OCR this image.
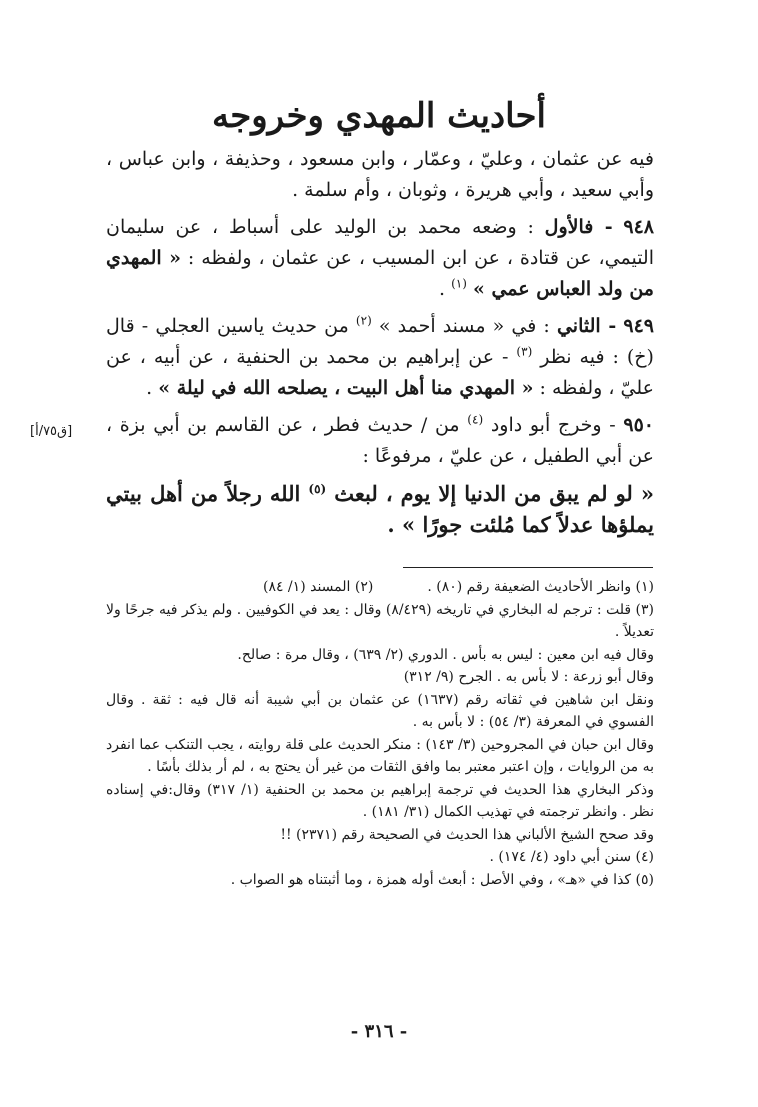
أحاديث المهدي وخروجه

فيه عن عثمان ، وعليّ ، وعمّار ، وابن مسعود ، وحذيفة ، وابن عباس ، وأبي سعيد ، وأبي هريرة ، وثوبان ، وأم سلمة .

٩٤٨ - فالأول : وضعه محمد بن الوليد على أسباط ، عن سليمان التيمي، عن قتادة ، عن ابن المسيب ، عن عثمان ، ولفظه : « المهدي من ولد العباس عمي » $^{(١)}$ .

٩٤٩ - الثاني : في « مسند أحمد » $^{(٢)}$ من حديث ياسين العجلي - قال (خ) : فيه نظر $^{(٣)}$ - عن إبراهيم بن محمد بن الحنفية ، عن أبيه ، عن عليّ ، ولفظه : « المهدي منا أهل البيت ، يصلحه الله في ليلة » .

٩٥٠ - وخرج أبو داود $^{(٤)}$ من / حديث فطر ، عن القاسم بن أبي بزة ، عن أبي الطفيل ، عن عليّ ، مرفوعًا :

« لو لم يبق من الدنيا إلا يوم ، لبعث $^{(٥)}$ الله رجلاً من أهل بيتي يملؤها عدلاً كما مُلئت جورًا » .

[ق٧٥/أ]
(١) وانظر الأحاديث الضعيفة رقم (٨٠) .
(٢) المسند (١/ ٨٤)

(٣) قلت : ترجم له البخاري في تاريخه (٨/٤٢٩) وقال : يعد في الكوفيين . ولم يذكر فيه جرحًا ولا تعديلاً .

وقال فيه ابن معين : ليس به بأس . الدوري (٢/ ٦٣٩) ، وقال مرة : صالح.

وقال أبو زرعة : لا بأس به . الجرح (٩/ ٣١٢)

ونقل ابن شاهين في ثقاته رقم (١٦٣٧) عن عثمان بن أبي شيبة أنه قال فيه : ثقة . وقال الفسوي في المعرفة (٣/ ٥٤) : لا بأس به .

وقال ابن حبان في المجروحين (٣/ ١٤٣) : منكر الحديث على قلة روايته ، يجب التنكب عما انفرد به من الروايات ، وإن اعتبر معتبر بما وافق الثقات من غير أن يحتج به ، لم أر بذلك بأسًا .

وذكر البخاري هذا الحديث في ترجمة إبراهيم بن محمد بن الحنفية (١/ ٣١٧) وقال:في إسناده نظر . وانظر ترجمته في تهذيب الكمال (٣١/ ١٨١) .

وقد صحح الشيخ الألباني هذا الحديث في الصحيحة رقم (٢٣٧١) !!

(٤) سنن أبي داود (٤/ ١٧٤) .

(٥) كذا في «هـ» ، وفي الأصل : أبعث أوله همزة ، وما أثبتناه هو الصواب .

- ٣١٦ -
